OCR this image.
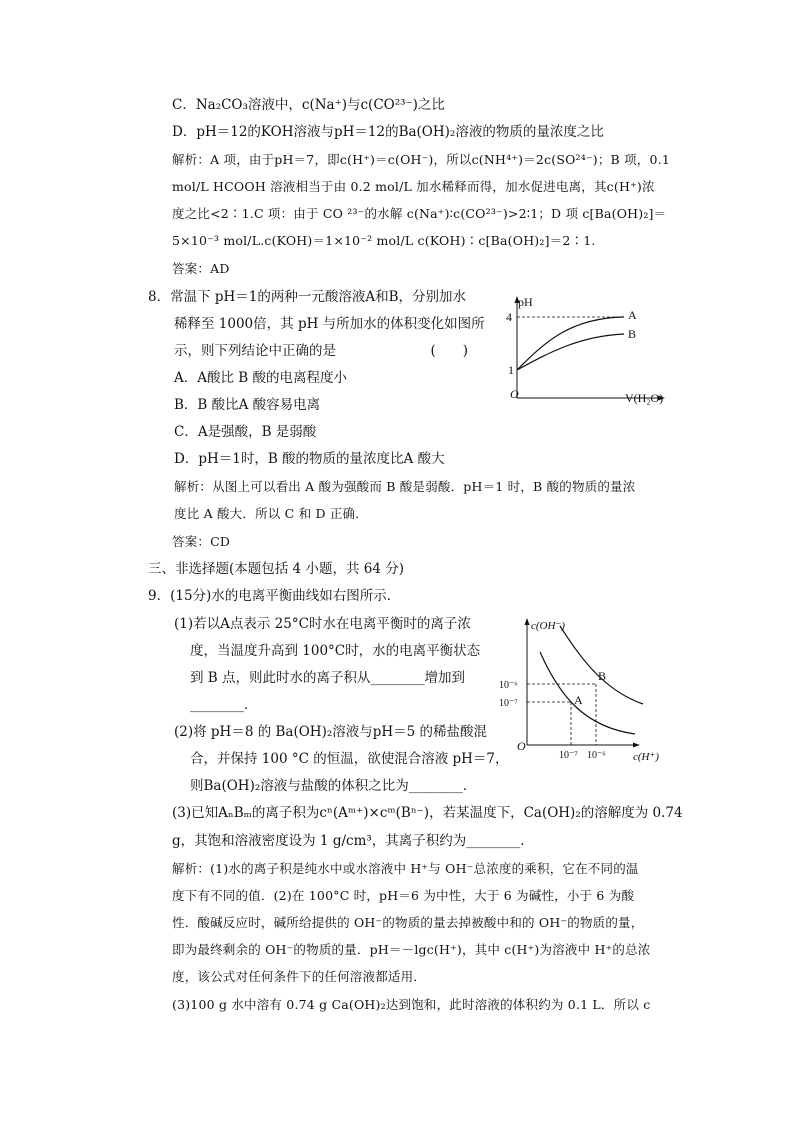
C．Na₂CO₃溶液中，c(Na⁺)与c(CO²³⁻)之比
D．pH＝12的KOH溶液与pH＝12的Ba(OH)₂溶液的物质的量浓度之比
解析：A 项，由于pH＝7，即c(H⁺)＝c(OH⁻)，所以c(NH⁴⁺)＝2c(SO²⁴⁻)；B 项，0.1
mol/L HCOOH 溶液相当于由 0.2 mol/L 加水稀释而得，加水促进电离，其c(H⁺)浓
度之比<2∶1.C 项：由于 CO ²³⁻的水解 c(Na⁺)∶c(CO²³⁻)>2∶1；D 项 c[Ba(OH)₂]＝
5×10⁻³ mol/L.c(KOH)＝1×10⁻² mol/L c(KOH)∶c[Ba(OH)₂]＝2∶1.
答案：AD
8．常温下 pH＝1的两种一元酸溶液A和B，分别加水
稀释至 1000倍，其 pH 与所加水的体积变化如图所
示，则下列结论中正确的是　　　　　　　(　　)
A．A酸比 B 酸的电离程度小
B．B 酸比A 酸容易电离
C．A是强酸，B 是弱酸
D．pH＝1时，B 酸的物质的量浓度比A 酸大
解析：从图上可以看出 A 酸为强酸而 B 酸是弱酸．pH＝1 时，B 酸的物质的量浓
度比 A 酸大．所以 C 和 D 正确．
答案：CD
三、非选择题(本题包括 4 小题，共 64 分)
9．(15分)水的电离平衡曲线如右图所示．
(1)若以A点表示 25°C时水在电离平衡时的离子浓
度，当温度升高到 100°C时，水的电离平衡状态
到 B 点，则此时水的离子积从________增加到
________．
(2)将 pH＝8 的 Ba(OH)₂溶液与pH＝5 的稀盐酸混
合，并保持 100 °C 的恒温，欲使混合溶液 pH＝7，
则Ba(OH)₂溶液与盐酸的体积之比为________．
(3)已知AₙBₘ的离子积为cⁿ(Aᵐ⁺)×cᵐ(Bⁿ⁻)，若某温度下，Ca(OH)₂的溶解度为 0.74
g，其饱和溶液密度设为 1 g/cm³，其离子积约为________．
解析：(1)水的离子积是纯水中或水溶液中 H⁺与 OH⁻总浓度的乘积，它在不同的温
度下有不同的值．(2)在 100°C 时，pH＝6 为中性，大于 6 为碱性，小于 6 为酸
性．酸碱反应时，碱所给提供的 OH⁻的物质的量去掉被酸中和的 OH⁻的物质的量，
即为最终剩余的 OH⁻的物质的量．pH＝－lgc(H⁺)，其中 c(H⁺)为溶液中 H⁺的总浓
度，该公式对任何条件下的任何溶液都适用．
(3)100 g 水中溶有 0.74 g Ca(OH)₂达到饱和，此时溶液的体积约为 0.1 L．所以 c
pH
4
1
O
A
B
V(H₂O)
c(OH⁻)
10⁻⁶
10⁻⁷
O
10⁻⁷ 10⁻⁶ c(H⁺)
A
B
